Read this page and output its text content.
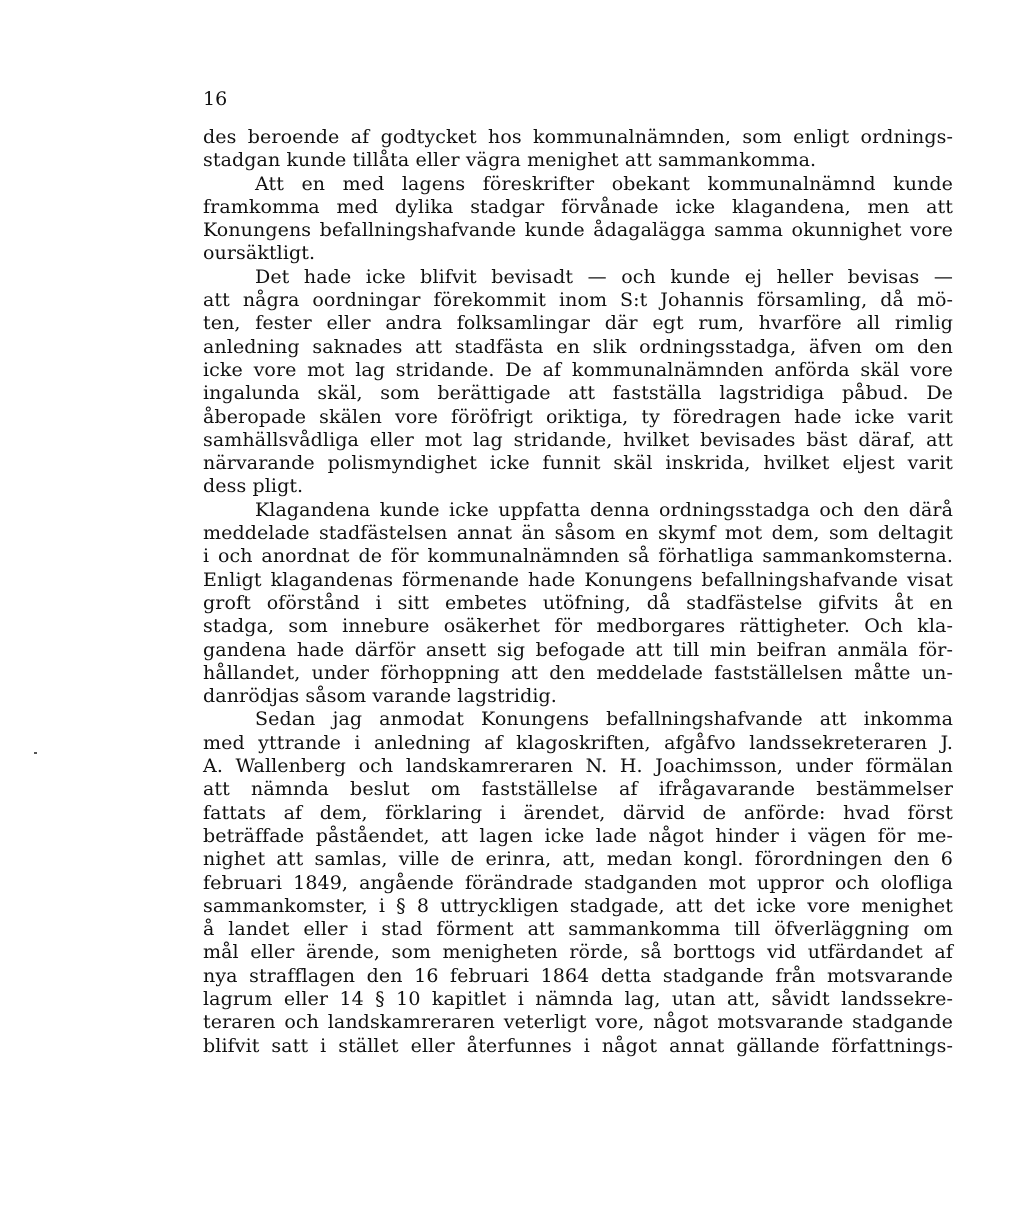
16
des beroende af godtycket hos kommunalnämnden, som enligt ordnings-
stadgan kunde tillåta eller vägra menighet att sammankomma.
Att en med lagens föreskrifter obekant kommunalnämnd kunde
framkomma med dylika stadgar förvånade icke klagandena, men att
Konungens befallningshafvande kunde ådagalägga samma okunnighet vore
oursäktligt.
Det hade icke blifvit bevisadt — och kunde ej heller bevisas —
att några oordningar förekommit inom S:t Johannis församling, då mö-
ten, fester eller andra folksamlingar där egt rum, hvarföre all rimlig
anledning saknades att stadfästa en slik ordningsstadga, äfven om den
icke vore mot lag stridande. De af kommunalnämnden anförda skäl vore
ingalunda skäl, som berättigade att fastställa lagstridiga påbud. De
åberopade skälen vore föröfrigt oriktiga, ty föredragen hade icke varit
samhällsvådliga eller mot lag stridande, hvilket bevisades bäst däraf, att
närvarande polismyndighet icke funnit skäl inskrida, hvilket eljest varit
dess pligt.
Klagandena kunde icke uppfatta denna ordningsstadga och den därå
meddelade stadfästelsen annat än såsom en skymf mot dem, som deltagit
i och anordnat de för kommunalnämnden så förhatliga sammankomsterna.
Enligt klagandenas förmenande hade Konungens befallningshafvande visat
groft oförstånd i sitt embetes utöfning, då stadfästelse gifvits åt en
stadga, som innebure osäkerhet för medborgares rättigheter. Och kla-
gandena hade därför ansett sig befogade att till min beifran anmäla för-
hållandet, under förhoppning att den meddelade fastställelsen måtte un-
danrödjas såsom varande lagstridig.
Sedan jag anmodat Konungens befallningshafvande att inkomma
med yttrande i anledning af klagoskriften, afgåfvo landssekreteraren J.
A. Wallenberg och landskamreraren N. H. Joachimsson, under förmälan
att nämnda beslut om fastställelse af ifrågavarande bestämmelser
fattats af dem, förklaring i ärendet, därvid de anförde: hvad först
beträffade påståendet, att lagen icke lade något hinder i vägen för me-
nighet att samlas, ville de erinra, att, medan kongl. förordningen den 6
februari 1849, angående förändrade stadganden mot uppror och olofliga
sammankomster, i § 8 uttryckligen stadgade, att det icke vore menighet
å landet eller i stad förment att sammankomma till öfverläggning om
mål eller ärende, som menigheten rörde, så borttogs vid utfärdandet af
nya strafflagen den 16 februari 1864 detta stadgande från motsvarande
lagrum eller 14 § 10 kapitlet i nämnda lag, utan att, såvidt landssekre-
teraren och landskamreraren veterligt vore, något motsvarande stadgande
blifvit satt i stället eller återfunnes i något annat gällande författnings-
